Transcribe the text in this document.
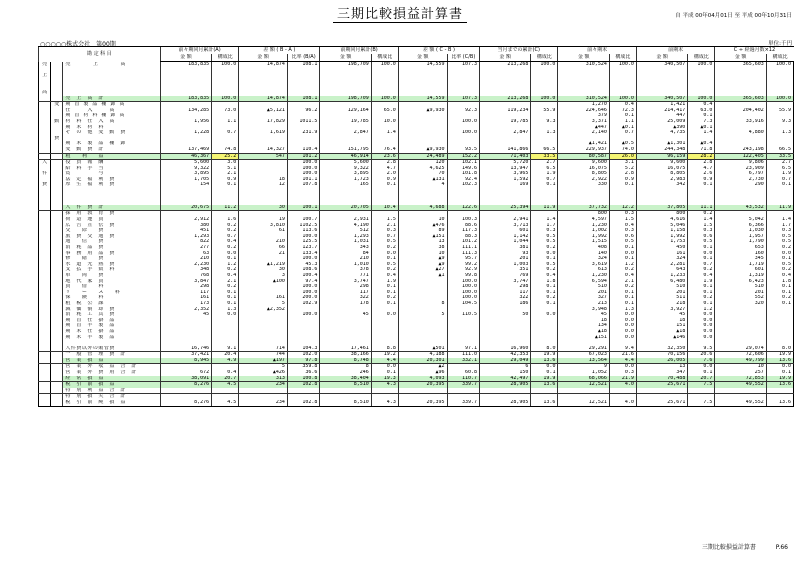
三期比較損益計算書	自 平成 00年04月01日 至 平成 00年10月31日
○○○○○株式会社　第00期	単位:千円
勘 定 科 目			前々期同月累計(A)		差 額 ( B - A )		前期同月累計(B)		差 額 ( C - B )		当月までの累計(C)		前々期末		前期末		C ÷ 経過月数×12	
			金 額	構成比	金 額	比率 (B/A)	金 額	構成比	金 額	比率 (C/B)	金 額	構成比	金 額	構成比	金 額	構成比	金 額	構成比
売		売　　　　上　　　　高	183,835	100.0	14,874	108.1	198,709	100.0	14,559	107.3	213,268	100.0	310,524	100.0	340,507	100.0	365,603	100.0

上																		

高																		
		売　上　高　計	183,835	100.0	14,874	108.1	198,709	100.0	14,559	107.3	213,268	100.0	310,524	100.0	340,507	100.0	365,603	100.0
	変	期 首 製 品 棚 卸 高											1,270	0.4	1,421	0.4		
		仕　　　入　　　高	134,285	73.0	▲5,121	96.2	129,164	65.0	▲9,930	92.3	119,234	55.9	224,646	72.3	214,417	63.0	204,402	55.9
		期 首 材 料 棚 卸 高											379	0.1	447	0.1		
	動	材　料　仕　入　高	1,956	1.1	17,829	1011.5	19,785	10.0		100.0	19,785	9.3	3,371	1.1	25,009	7.3	33,916	9.3
		期　末　材　料											▲447	▲0.1	▲390	▲0.1		
		そ　の　他　変　動　費	1,228	0.7	1,619	231.9	2,847	1.4		100.0	2,847	1.3	2,140	0.7	4,735	1.4	4,880	1.3
	費																	
		期　末　製　品　棚　卸											▲1,421	▲0.5	▲1,301	▲0.4		
		変　動　費　計	137,469	74.8	14,327	110.4	151,795	76.4	▲9,930	93.5	141,866	66.5	229,937	74.0	244,348	71.8	243,198	66.5
		粗　　利　　益	46,367	25.2	547	101.2	46,914	23.6	24,489	152.2	71,403	33.5	80,587	26.0	96,159	28.2	122,405	33.5
人		役　員　報　酬	5,600	3.0		100.0	5,600	2.8	120	102.1	5,720	2.7	9,600	3.1	9,600	2.8	9,806	2.7
		給　料　手　当	9,322	5.1		100.0	9,322	4.7	4,625	149.6	13,947	6.5	16,075	5.2	16,075	4.7	23,909	6.5
件		賞　　　　　与	3,895	2.1		100.0	3,895	2.0	70	101.8	3,965	1.9	8,805	2.8	8,805	2.6	6,797	1.9
		法　定　福　利　費	1,705	0.9	18	101.1	1,723	0.9	▲131	92.4	1,592	0.7	2,922	0.9	2,983	0.9	2,730	0.7
費		厚　生　福　利　費	154	0.1	12	107.8	165	0.1	4	102.3	169	0.1	330	0.1	342	0.1	290	0.1

		人　件　費　計	20,675	11.2	30	100.1	20,705	10.4	4,688	122.6	25,394	11.9	37,732	12.2	37,805	11.1	43,532	11.9
		採　用　教　育　費											800	0.3	800	0.2		
		荷　造　運　賃	2,912	1.6	19	100.7	2,931	1.5	10	100.3	2,941	1.4	4,597	1.5	4,616	1.4	5,042	1.4
		広　告　宣　伝　費	380	0.2	3,810	1102.5	4,190	2.1	▲476	88.6	3,713	1.7	1,230	0.4	5,046	1.5	6,366	1.7
		交　　際　　費	451	0.2	61	113.6	512	0.3	89	117.3	601	0.3	1,002	0.3	1,158	0.3	1,030	0.3
		旅　費　交　通　費	1,293	0.7		100.0	1,293	0.7	▲151	88.3	1,142	0.5	1,992	0.6	1,992	0.6	1,957	0.5
		通　　信　　費	822	0.4	210	125.5	1,031	0.5	13	101.2	1,044	0.5	1,515	0.5	1,753	0.5	1,790	0.5
		消　耗　品　費	277	0.2	66	123.7	343	0.2	38	111.1	381	0.2	408	0.1	450	0.1	653	0.2
		事　務　用　品　費	63	0.0	21	133.4	84	0.0	10	111.3	93	0.0	140	0.0	161	0.0	160	0.0
		修　　繕　　費	210	0.1		100.0	210	0.1	▲9	95.7	201	0.1	324	0.1	324	0.1	345	0.1
		水　道　光　熱　費	2,230	1.2	▲1,219	45.3	1,010	0.5	▲9	99.2	1,003	0.5	3,619	1.2	2,281	0.7	1,719	0.5
		支　払　手　数　料	348	0.2	30	108.6	378	0.2	▲27	92.9	351	0.2	613	0.2	643	0.2	601	0.2
		車　　両　　費	768	0.4	3	100.4	771	0.4	▲1	99.8	769	0.4	1,230	0.4	1,233	0.4	1,319	0.4
		地　代　家　賃	3,847	2.1	▲100	97.4	3,747	1.9		100.0	3,747	1.8	6,594	2.1	6,480	1.9	6,423	1.8
		賃　　借　　料	298	0.2		100.0	298	0.1		100.0	298	0.1	510	0.2	510	0.1	510	0.1
		リ　　ー　　ス　　料	117	0.1		100.0	117	0.1		100.0	117	0.1	201	0.1	201	0.1	201	0.1
		保　　険　　料	161	0.1	161	200.0	322	0.2		100.0	322	0.2	327	0.1	511	0.2	552	0.2
		租　税　公　課	173	0.1	5	102.9	178	0.1	8	104.5	186	0.1	213	0.1	218	0.1	320	0.1
		減　価　償　却　費	2,352	1.3	▲2,352								3,948	1.3	3,927	1.2		
		消　耗　工　具　費	45	0.0		100.0	45	0.0	5	110.5	50	0.0	45	0.0	45	0.0		
		期　首　仕　掛　品											18	0.0	18	0.0		
		期　首　半　製　品											134	0.0	151	0.0		
		期　末　仕　掛　品											▲18	0.0	▲18	0.0		
		期　末　半　製　品											▲151	0.0	▲146	0.0		

		人件費以外の販管費	16,746	9.1	714	104.3	17,461	8.8	▲501	97.1	16,960	8.0	29,291	9.4	32,350	9.5	29,074	8.0
		一　般　管　理　費　計	37,421	20.4	744	102.0	38,166	19.2	4,188	111.0	42,353	19.9	67,023	21.6	70,156	20.6	72,606	19.9
		営　業　損　益	8,945	4.9	▲197	97.8	8,748	4.4	20,301	332.1	29,049	13.6	13,564	4.4	26,005	7.6	49,799	13.6
		営　業　外　収　益　合　計			5	359.8	8	0.0	▲2		6	0.0	9	0.0	13	0.0	10	0.0
		営　業　外　費　用　合　計	672	0.4	▲426	36.6	246	0.1	▲96	60.8	150	0.1	1,052	0.3	347	0.1	257	0.1
		経　常　損　益	38,091	20.7	313	100.8	38,404	19.3	4,093	110.7	42,497	19.9	68,066	21.9	70,488	20.7	72,853	19.9
		税　引　前　損　益	8,276	4.5	234	102.8	8,510	4.3	20,395	339.7	28,905	13.6	12,521	4.0	25,671	7.5	49,552	13.6
		特　別　利　益　合　計																
		特　別　損　失　合　計																
		税　引　前　純　損　益	8,276	4.5	234	102.8	8,510	4.3	20,395	339.7	28,905	13.6	12,521	4.0	25,671	7.5	49,552	13.6
三期比較損益計算書	P.66
